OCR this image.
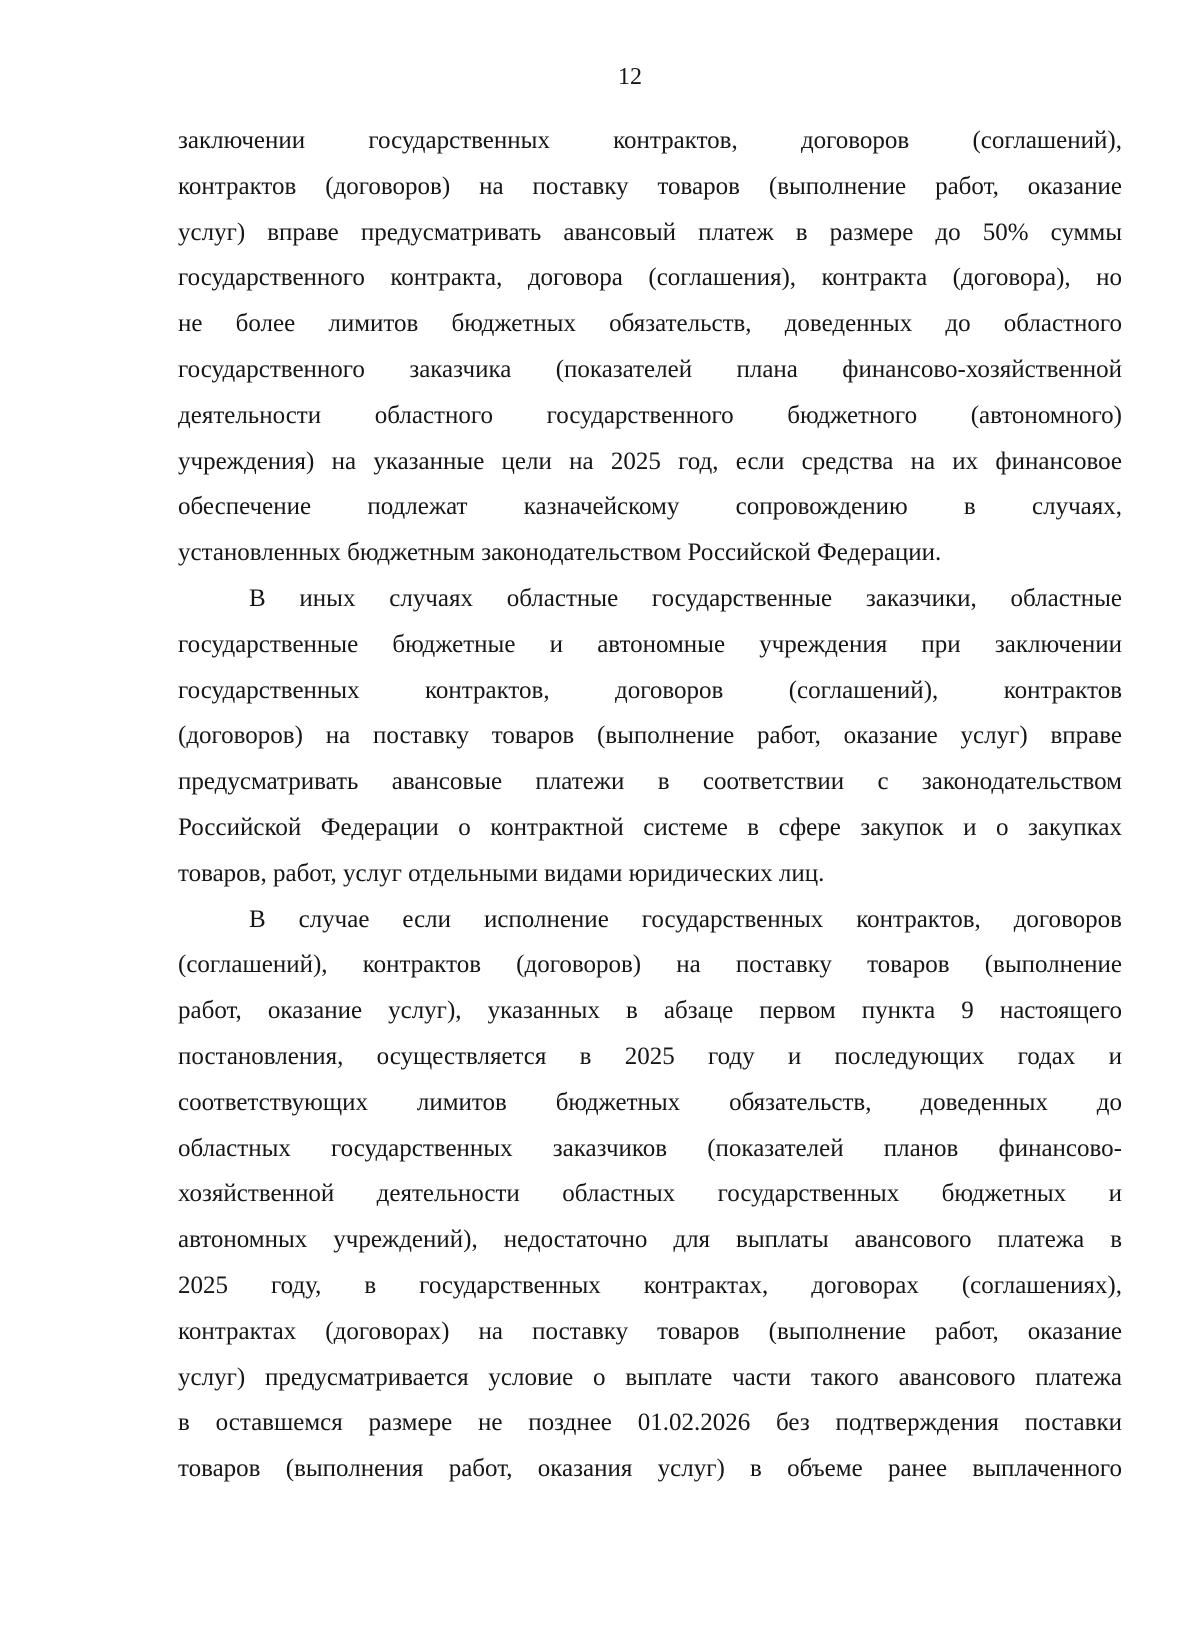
12

заключении государственных контрактов, договоров (соглашений),
контрактов (договоров) на поставку товаров (выполнение работ, оказание
услуг) вправе предусматривать авансовый платеж в размере до 50% суммы
государственного контракта, договора (соглашения), контракта (договора), но
не более лимитов бюджетных обязательств, доведенных до областного
государственного заказчика (показателей плана финансово-хозяйственной
деятельности областного государственного бюджетного (автономного)
учреждения) на указанные цели на 2025 год, если средства на их финансовое
обеспечение подлежат казначейскому сопровождению в случаях,
установленных бюджетным законодательством Российской Федерации.

В иных случаях областные государственные заказчики, областные
государственные бюджетные и автономные учреждения при заключении
государственных контрактов, договоров (соглашений), контрактов
(договоров) на поставку товаров (выполнение работ, оказание услуг) вправе
предусматривать авансовые платежи в соответствии с законодательством
Российской Федерации о контрактной системе в сфере закупок и о закупках
товаров, работ, услуг отдельными видами юридических лиц.

В случае если исполнение государственных контрактов, договоров
(соглашений), контрактов (договоров) на поставку товаров (выполнение
работ, оказание услуг), указанных в абзаце первом пункта 9 настоящего
постановления, осуществляется в 2025 году и последующих годах и
соответствующих лимитов бюджетных обязательств, доведенных до
областных государственных заказчиков (показателей планов финансово-
хозяйственной деятельности областных государственных бюджетных и
автономных учреждений), недостаточно для выплаты авансового платежа в
2025 году, в государственных контрактах, договорах (соглашениях),
контрактах (договорах) на поставку товаров (выполнение работ, оказание
услуг) предусматривается условие о выплате части такого авансового платежа
в оставшемся размере не позднее 01.02.2026 без подтверждения поставки
товаров (выполнения работ, оказания услуг) в объеме ранее выплаченного
